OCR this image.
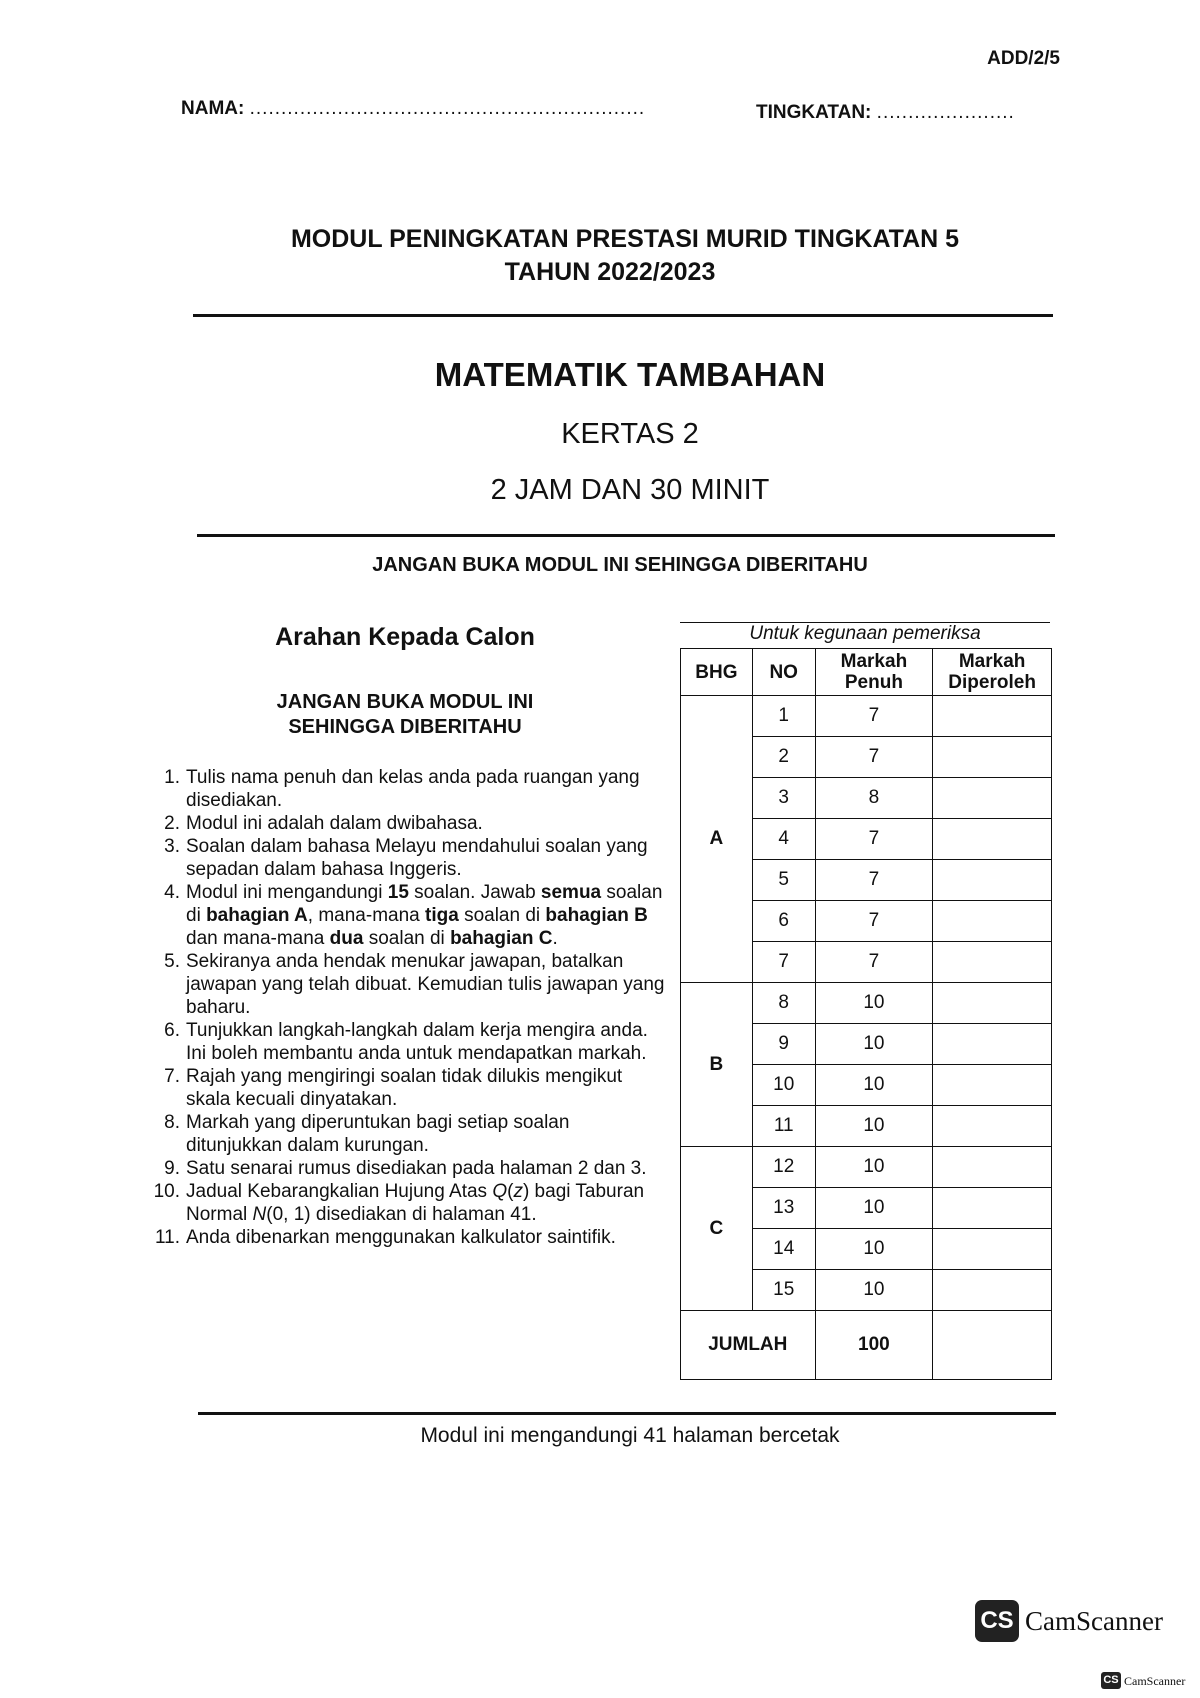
ADD/2/5
NAMA: ...............................................................	TINGKATAN: ......................
MODUL PENINGKATAN PRESTASI MURID TINGKATAN 5
TAHUN 2022/2023
MATEMATIK TAMBAHAN
KERTAS 2
2 JAM DAN 30 MINIT
JANGAN BUKA MODUL INI SEHINGGA DIBERITAHU
Arahan Kepada Calon
JANGAN BUKA MODUL INI
SEHINGGA DIBERITAHU
1. Tulis nama penuh dan kelas anda pada ruangan yang disediakan.
2. Modul ini adalah dalam dwibahasa.
3. Soalan dalam bahasa Melayu mendahului soalan yang sepadan dalam bahasa Inggeris.
4. Modul ini mengandungi 15 soalan. Jawab semua soalan di bahagian A, mana-mana tiga soalan di bahagian B dan mana-mana dua soalan di bahagian C.
5. Sekiranya anda hendak menukar jawapan, batalkan jawapan yang telah dibuat. Kemudian tulis jawapan yang baharu.
6. Tunjukkan langkah-langkah dalam kerja mengira anda. Ini boleh membantu anda untuk mendapatkan markah.
7. Rajah yang mengiringi soalan tidak dilukis mengikut skala kecuali dinyatakan.
8. Markah yang diperuntukan bagi setiap soalan ditunjukkan dalam kurungan.
9. Satu senarai rumus disediakan pada halaman 2 dan 3.
10. Jadual Kebarangkalian Hujung Atas Q(z) bagi Taburan Normal N(0, 1) disediakan di halaman 41.
11. Anda dibenarkan menggunakan kalkulator saintifik.
Untuk kegunaan pemeriksa
BHG	NO	Markah Penuh	Markah Diperoleh
A	1	7	
	2	7	
	3	8	
	4	7	
	5	7	
	6	7	
	7	7	
B	8	10	
	9	10	
	10	10	
	11	10	
C	12	10	
	13	10	
	14	10	
	15	10	
JUMLAH		100	
Modul ini mengandungi 41 halaman bercetak
CS CamScanner
CS CamScanner
